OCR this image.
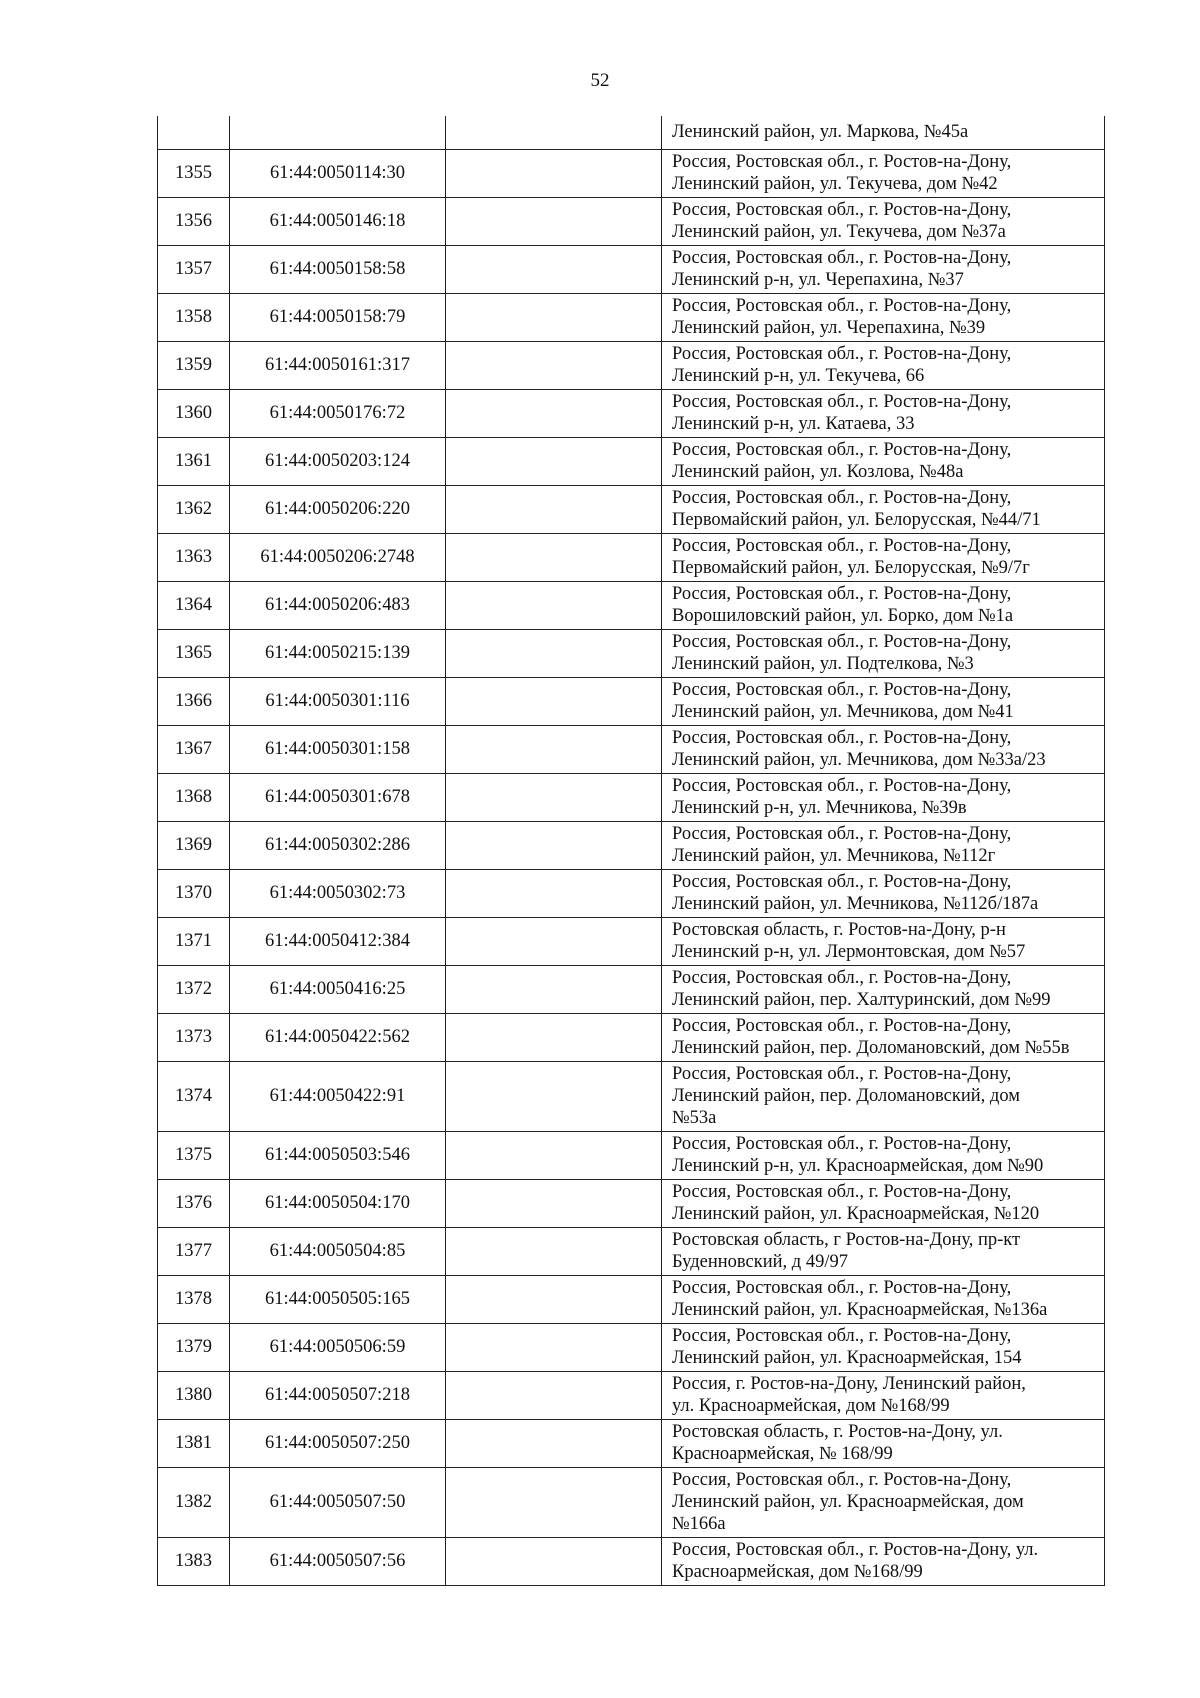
52
			Ленинский район, ул. Маркова, №45а
1355	61:44:0050114:30		Россия, Ростовская обл., г. Ростов-на-Дону,
Ленинский район, ул. Текучева, дом №42
1356	61:44:0050146:18		Россия, Ростовская обл., г. Ростов-на-Дону,
Ленинский район, ул. Текучева, дом №37а
1357	61:44:0050158:58		Россия, Ростовская обл., г. Ростов-на-Дону,
Ленинский р-н, ул. Черепахина, №37
1358	61:44:0050158:79		Россия, Ростовская обл., г. Ростов-на-Дону,
Ленинский район, ул. Черепахина, №39
1359	61:44:0050161:317		Россия, Ростовская обл., г. Ростов-на-Дону,
Ленинский р-н, ул. Текучева, 66
1360	61:44:0050176:72		Россия, Ростовская обл., г. Ростов-на-Дону,
Ленинский р-н, ул. Катаева, 33
1361	61:44:0050203:124		Россия, Ростовская обл., г. Ростов-на-Дону,
Ленинский район, ул. Козлова, №48а
1362	61:44:0050206:220		Россия, Ростовская обл., г. Ростов-на-Дону,
Первомайский район, ул. Белорусская, №44/71
1363	61:44:0050206:2748		Россия, Ростовская обл., г. Ростов-на-Дону,
Первомайский район, ул. Белорусская, №9/7г
1364	61:44:0050206:483		Россия, Ростовская обл., г. Ростов-на-Дону,
Ворошиловский район, ул. Борко, дом №1а
1365	61:44:0050215:139		Россия, Ростовская обл., г. Ростов-на-Дону,
Ленинский район, ул. Подтелкова, №3
1366	61:44:0050301:116		Россия, Ростовская обл., г. Ростов-на-Дону,
Ленинский район, ул. Мечникова, дом №41
1367	61:44:0050301:158		Россия, Ростовская обл., г. Ростов-на-Дону,
Ленинский район, ул. Мечникова, дом №33а/23
1368	61:44:0050301:678		Россия, Ростовская обл., г. Ростов-на-Дону,
Ленинский р-н, ул. Мечникова, №39в
1369	61:44:0050302:286		Россия, Ростовская обл., г. Ростов-на-Дону,
Ленинский район, ул. Мечникова, №112г
1370	61:44:0050302:73		Россия, Ростовская обл., г. Ростов-на-Дону,
Ленинский район, ул. Мечникова, №112б/187а
1371	61:44:0050412:384		Ростовская область, г. Ростов-на-Дону, р-н
Ленинский р-н, ул. Лермонтовская, дом №57
1372	61:44:0050416:25		Россия, Ростовская обл., г. Ростов-на-Дону,
Ленинский район, пер. Халтуринский, дом №99
1373	61:44:0050422:562		Россия, Ростовская обл., г. Ростов-на-Дону,
Ленинский район, пер. Доломановский, дом №55в
1374	61:44:0050422:91		Россия, Ростовская обл., г. Ростов-на-Дону,
Ленинский район, пер. Доломановский, дом
№53а
1375	61:44:0050503:546		Россия, Ростовская обл., г. Ростов-на-Дону,
Ленинский р-н, ул. Красноармейская, дом №90
1376	61:44:0050504:170		Россия, Ростовская обл., г. Ростов-на-Дону,
Ленинский район, ул. Красноармейская, №120
1377	61:44:0050504:85		Ростовская область, г Ростов-на-Дону, пр-кт
Буденновский, д 49/97
1378	61:44:0050505:165		Россия, Ростовская обл., г. Ростов-на-Дону,
Ленинский район, ул. Красноармейская, №136а
1379	61:44:0050506:59		Россия, Ростовская обл., г. Ростов-на-Дону,
Ленинский район, ул. Красноармейская, 154
1380	61:44:0050507:218		Россия, г. Ростов-на-Дону, Ленинский район,
ул. Красноармейская, дом №168/99
1381	61:44:0050507:250		Ростовская область, г. Ростов-на-Дону, ул.
Красноармейская, № 168/99
1382	61:44:0050507:50		Россия, Ростовская обл., г. Ростов-на-Дону,
Ленинский район, ул. Красноармейская, дом
№166а
1383	61:44:0050507:56		Россия, Ростовская обл., г. Ростов-на-Дону, ул.
Красноармейская, дом №168/99
